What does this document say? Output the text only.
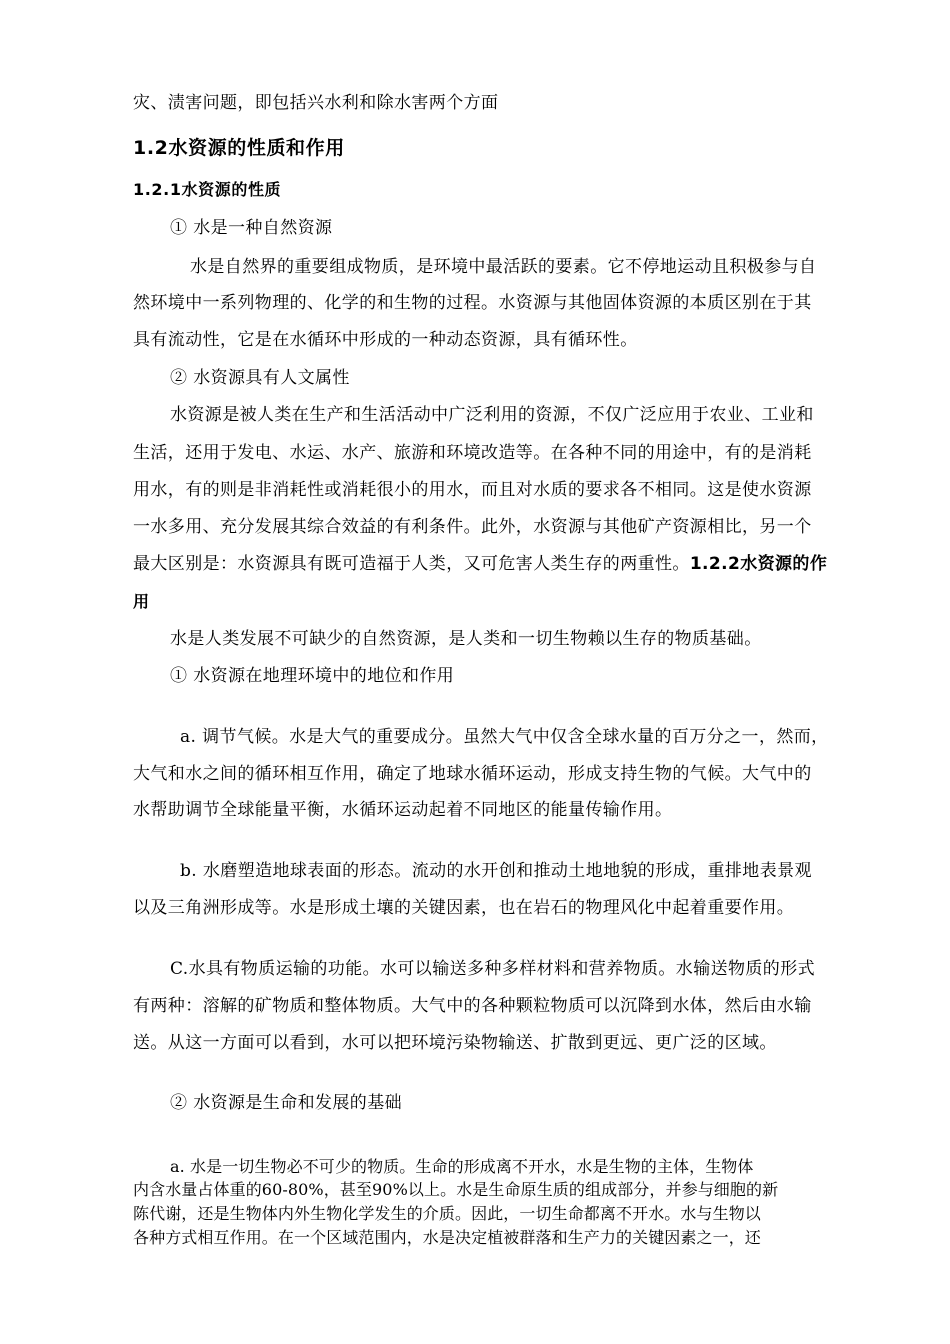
灾、渍害问题，即包括兴水利和除水害两个方面
1.2水资源的性质和作用
1.2.1水资源的性质
① 水是一种自然资源
水是自然界的重要组成物质，是环境中最活跃的要素。它不停地运动且积极参与自
然环境中一系列物理的、化学的和生物的过程。水资源与其他固体资源的本质区别在于其
具有流动性，它是在水循环中形成的一种动态资源，具有循环性。
② 水资源具有人文属性
水资源是被人类在生产和生活活动中广泛利用的资源，不仅广泛应用于农业、工业和
生活，还用于发电、水运、水产、旅游和环境改造等。在各种不同的用途中，有的是消耗
用水，有的则是非消耗性或消耗很小的用水，而且对水质的要求各不相同。这是使水资源
一水多用、充分发展其综合效益的有利条件。此外，水资源与其他矿产资源相比，另一个
最大区别是：水资源具有既可造福于人类，又可危害人类生存的两重性。1.2.2水资源的作
用
水是人类发展不可缺少的自然资源，是人类和一切生物赖以生存的物质基础。
① 水资源在地理环境中的地位和作用
a. 调节气候。水是大气的重要成分。虽然大气中仅含全球水量的百万分之一，然而，
大气和水之间的循环相互作用，确定了地球水循环运动，形成支持生物的气候。大气中的
水帮助调节全球能量平衡，水循环运动起着不同地区的能量传输作用。
b. 水磨塑造地球表面的形态。流动的水开创和推动土地地貌的形成，重排地表景观
以及三角洲形成等。水是形成土壤的关键因素，也在岩石的物理风化中起着重要作用。
C.水具有物质运输的功能。水可以输送多种多样材料和营养物质。水输送物质的形式
有两种：溶解的矿物质和整体物质。大气中的各种颗粒物质可以沉降到水体，然后由水输
送。从这一方面可以看到，水可以把环境污染物输送、扩散到更远、更广泛的区域。
② 水资源是生命和发展的基础
a. 水是一切生物必不可少的物质。生命的形成离不开水，水是生物的主体，生物体
内含水量占体重的60-80%，甚至90%以上。水是生命原生质的组成部分，并参与细胞的新
陈代谢，还是生物体内外生物化学发生的介质。因此，一切生命都离不开水。水与生物以
各种方式相互作用。在一个区域范围内，水是决定植被群落和生产力的关键因素之一，还
